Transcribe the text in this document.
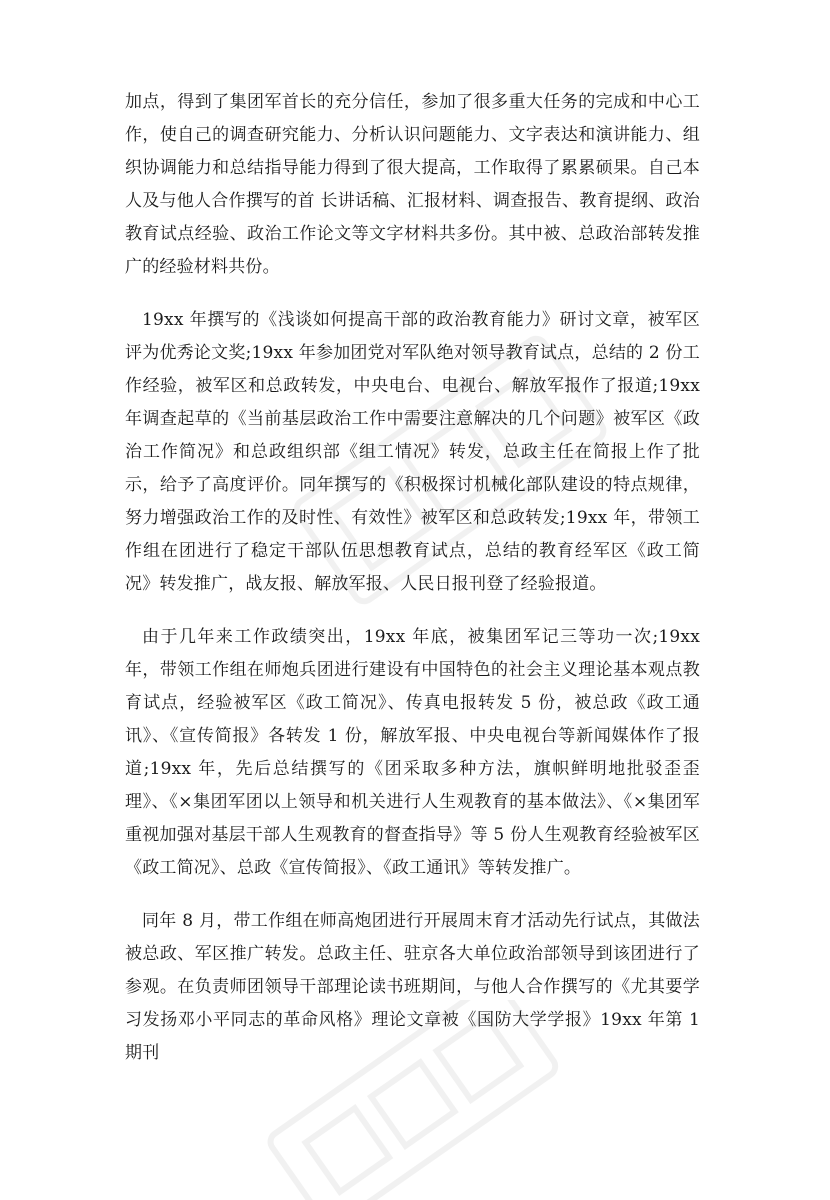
加点，得到了集团军首长的充分信任，参加了很多重大任务的完成和中心工作，使自己的调查研究能力、分析认识问题能力、文字表达和演讲能力、组织协调能力和总结指导能力得到了很大提高，工作取得了累累硕果。自己本人及与他人合作撰写的首 长讲话稿、汇报材料、调查报告、教育提纲、政治教育试点经验、政治工作论文等文字材料共多份。其中被、总政治部转发推广的经验材料共份。

19xx 年撰写的《浅谈如何提高干部的政治教育能力》研讨文章，被军区评为优秀论文奖;19xx 年参加团党对军队绝对领导教育试点，总结的 2 份工作经验，被军区和总政转发，中央电台、电视台、解放军报作了报道;19xx 年调查起草的《当前基层政治工作中需要注意解决的几个问题》被军区《政治工作简况》和总政组织部《组工情况》转发，总政主任在简报上作了批示，给予了高度评价。同年撰写的《积极探讨机械化部队建设的特点规律，努力增强政治工作的及时性、有效性》被军区和总政转发;19xx 年，带领工作组在团进行了稳定干部队伍思想教育试点，总结的教育经军区《政工简况》转发推广，战友报、解放军报、人民日报刊登了经验报道。

由于几年来工作政绩突出，19xx 年底，被集团军记三等功一次;19xx 年，带领工作组在师炮兵团进行建设有中国特色的社会主义理论基本观点教育试点，经验被军区《政工简况》、传真电报转发 5 份，被总政《政工通讯》、《宣传简报》各转发 1 份，解放军报、中央电视台等新闻媒体作了报道;19xx 年，先后总结撰写的《团采取多种方法，旗帜鲜明地批驳歪歪理》、《×集团军团以上领导和机关进行人生观教育的基本做法》、《×集团军重视加强对基层干部人生观教育的督查指导》等 5 份人生观教育经验被军区《政工简况》、总政《宣传简报》、《政工通讯》等转发推广。

同年 8 月，带工作组在师高炮团进行开展周末育才活动先行试点，其做法被总政、军区推广转发。总政主任、驻京各大单位政治部领导到该团进行了参观。在负责师团领导干部理论读书班期间，与他人合作撰写的《尤其要学习发扬邓小平同志的革命风格》理论文章被《国防大学学报》19xx 年第 1 期刊
